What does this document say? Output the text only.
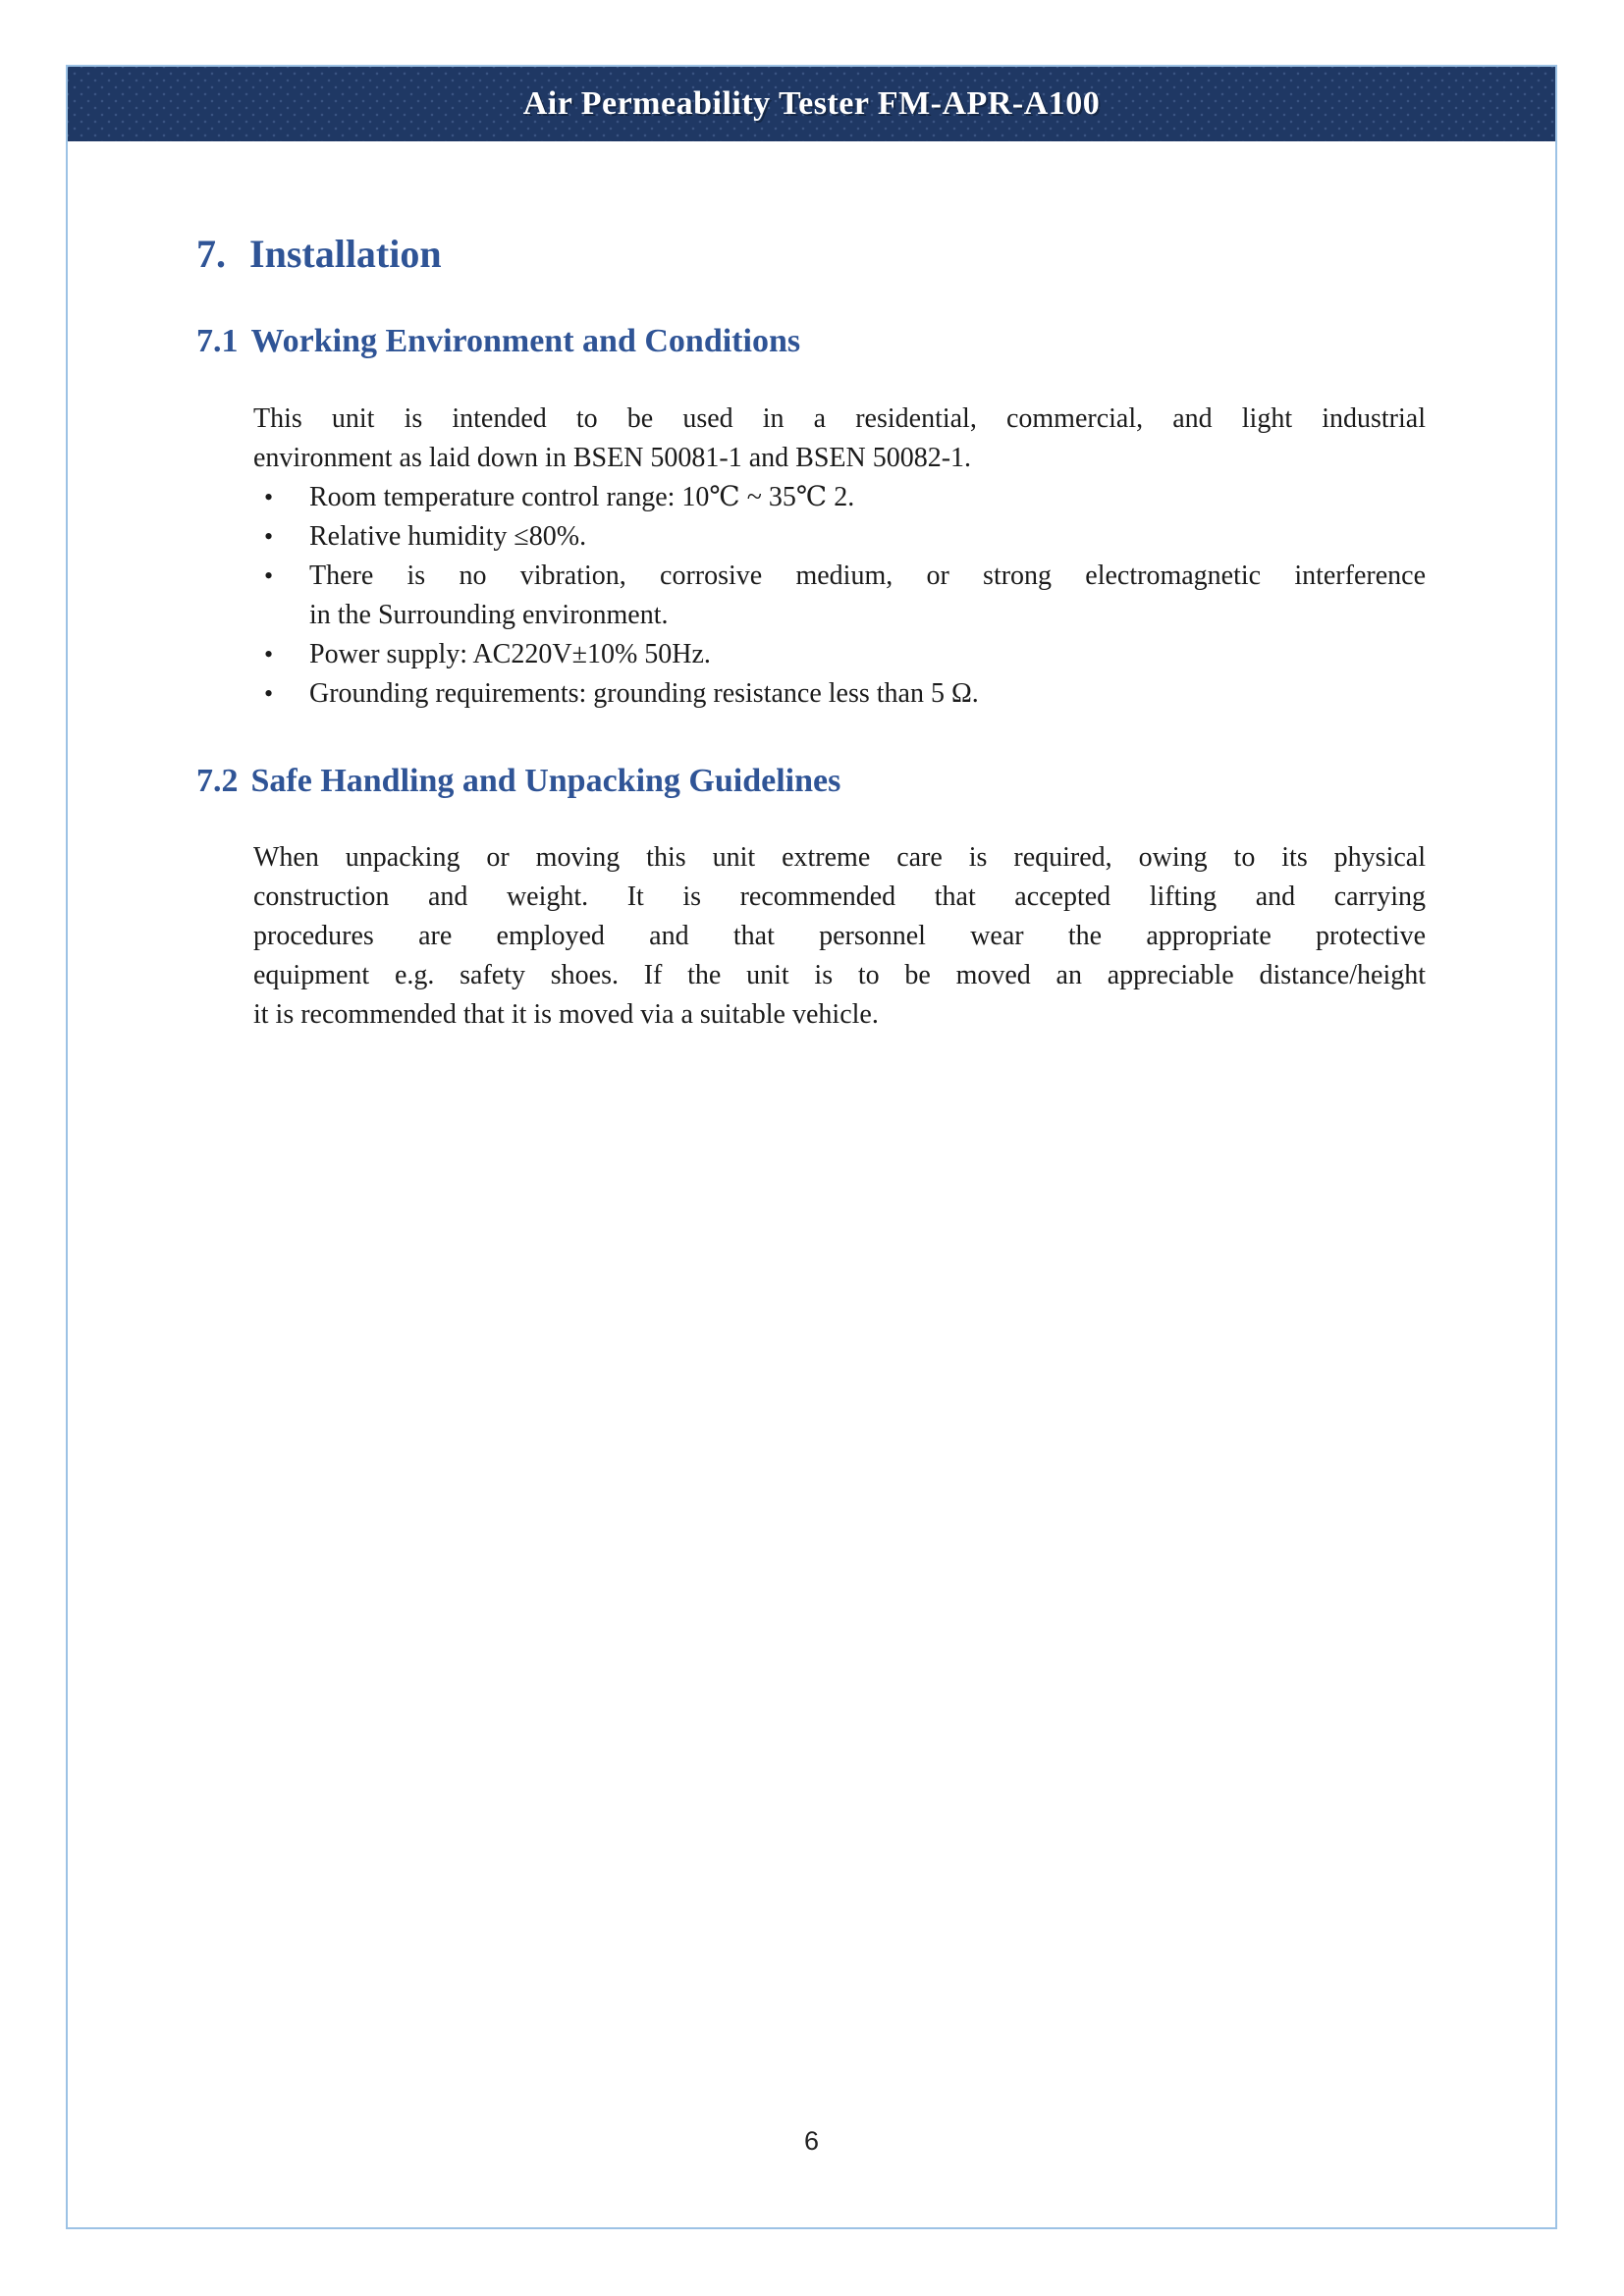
Air Permeability Tester FM-APR-A100
7. Installation
7.1 Working Environment and Conditions
This unit is intended to be used in a residential, commercial, and light industrial
environment as laid down in BSEN 50081-1 and BSEN 50082-1.
•	Room temperature control range: 10℃ ~ 35℃ 2.
•	Relative humidity ≤80%.
•	There is no vibration, corrosive medium, or strong electromagnetic interference
in the Surrounding environment.
•	Power supply: AC220V±10% 50Hz.
•	Grounding requirements: grounding resistance less than 5 Ω.
7.2 Safe Handling and Unpacking Guidelines
When unpacking or moving this unit extreme care is required, owing to its physical
construction and weight. It is recommended that accepted lifting and carrying
procedures are employed and that personnel wear the appropriate protective
equipment e.g. safety shoes. If the unit is to be moved an appreciable distance/height
it is recommended that it is moved via a suitable vehicle.
6
